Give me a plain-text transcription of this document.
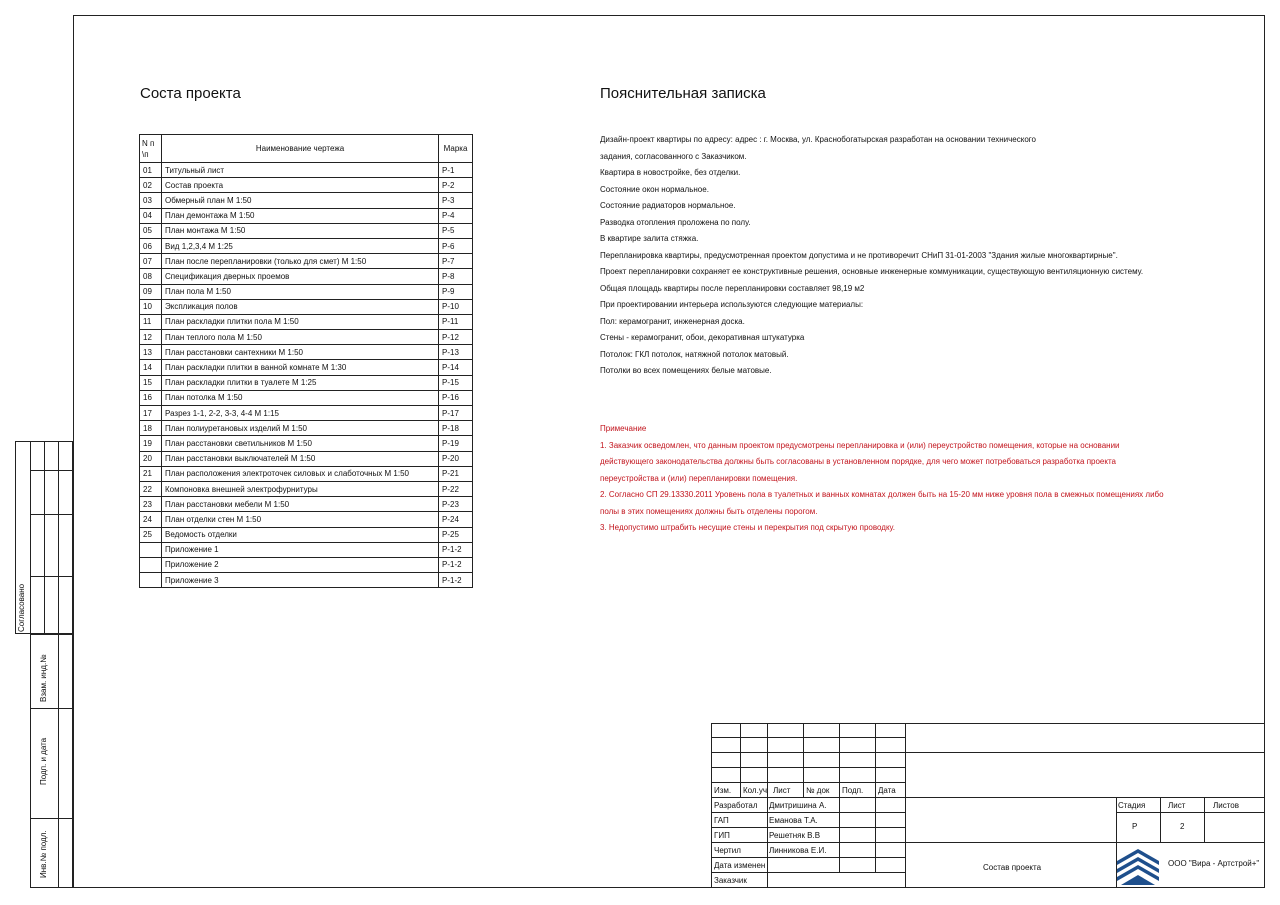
Соста проекта	Пояснительная записка
N п \п	Наименование чертежа	Марка
01	Титульный лист	Р-1
02	Состав проекта	Р-2
03	Обмерный план М 1:50	Р-3
04	План демонтажа М 1:50	Р-4
05	План монтажа М 1:50	Р-5
06	Вид 1,2,3,4 М 1:25	Р-6
07	План после перепланировки (только для смет) М 1:50	Р-7
08	Спецификация дверных проемов	Р-8
09	План пола М 1:50	Р-9
10	Экспликация полов	Р-10
11	План раскладки плитки пола М 1:50	Р-11
12	План теплого пола М 1:50	Р-12
13	План расстановки сантехники М 1:50	Р-13
14	План раскладки плитки в ванной комнате М 1:30	Р-14
15	План раскладки плитки в туалете М 1:25	Р-15
16	План потолка М 1:50	Р-16
17	Разрез 1-1, 2-2, 3-3, 4-4 М 1:15	Р-17
18	План полиуретановых изделий М 1:50	Р-18
19	План расстановки светильников М 1:50	Р-19
20	План расстановки выключателей М 1:50	Р-20
21	План расположения электроточек силовых и слаботочных М 1:50	Р-21
22	Компоновка внешней электрофурнитуры	Р-22
23	План расстановки мебели М 1:50	Р-23
24	План отделки стен М 1:50	Р-24
25	Ведомость отделки	Р-25
	Приложение 1	Р-1-2
	Приложение 2	Р-1-2
	Приложение 3	Р-1-2

Дизайн-проект квартиры по адресу: адрес : г. Москва, ул. Краснобогатырская разработан на основании технического

задания, согласованного с Заказчиком.

Квартира в новостройке, без отделки.

Состояние окон нормальное.

Состояние радиаторов нормальное.

Разводка отопления проложена по полу.

В квартире залита стяжка.

Перепланировка квартиры, предусмотренная проектом допустима и не противоречит СНиП 31-01-2003 "Здания жилые многоквартирные".

Проект перепланировки сохраняет ее конструктивные решения, основные инженерные коммуникации, существующую вентиляционную систему.

Общая площадь квартиры после перепланировки составляет 98,19 м2

При проектировании интерьера используются следующие материалы:

Пол: керамогранит, инженерная доска.

Стены - керамогранит, обои, декоративная штукатурка

Потолок: ГКЛ потолок, натяжной потолок матовый.

Потолки во всех помещениях белые матовые.

Примечание

1. Заказчик осведомлен, что данным проектом предусмотрены перепланировка и (или) переустройство помещения, которые на основании

действующего законодательства должны быть согласованы в установленном порядке, для чего может потребоваться разработка проекта

переустройства и (или) перепланировки помещения.

2. Согласно СП 29.13330.2011 Уровень пола в туалетных и ванных комнатах должен быть на 15-20 мм ниже уровня пола в смежных помещениях либо

полы в этих помещениях должны быть отделены порогом.

3. Недопустимо штрабить несущие стены и перекрытия под скрытую проводку.

Согласовано
Взам. инд.№
Подп. и дата
Инв.№ подл.
Изм. Кол.уч Лист № док Подп. Дата
Разработал Дмитришина А.
ГАП	Еманова Т.А.
ГИП	Решетняк В.В
Чертил	Линникова Е.И.
Дата изменен
Заказчик
Стадия	Лист	Листов
Р	2
Состав проекта	ООО "Вира - Артстрой+"
